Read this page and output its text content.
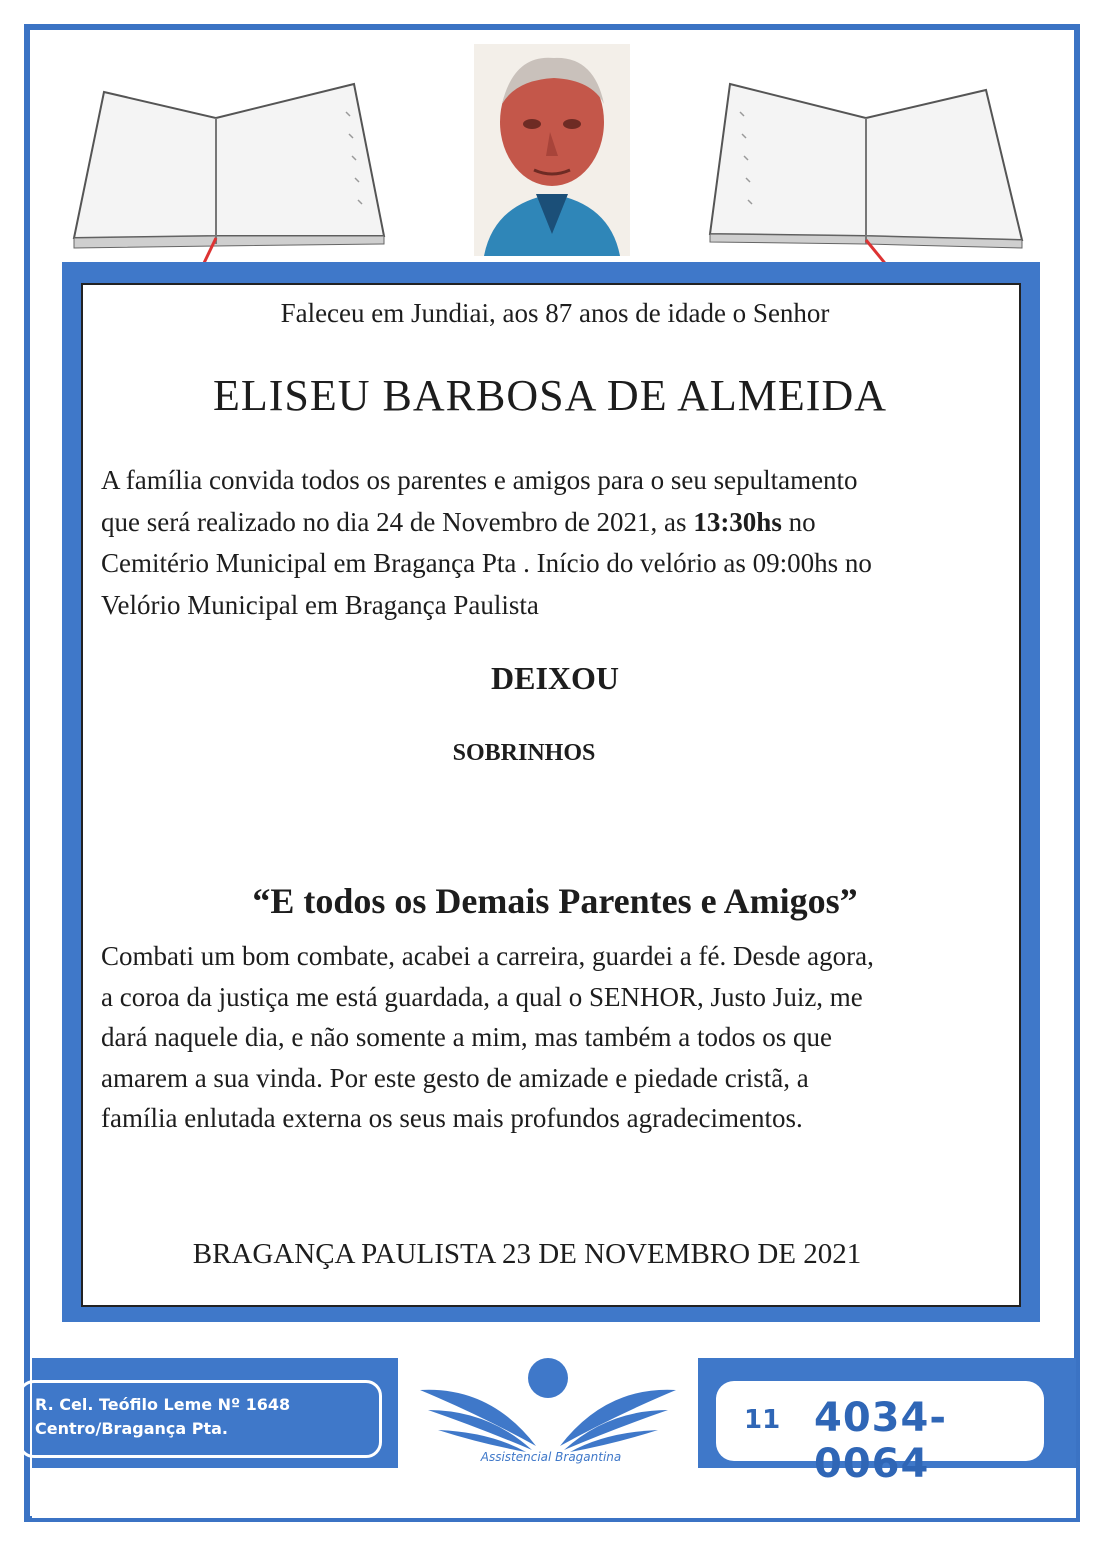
Faleceu em Jundiai, aos 87 anos de idade o Senhor
ELISEU BARBOSA DE ALMEIDA

A família convida todos os parentes e amigos para o seu sepultamento

que será realizado no dia 24 de Novembro de 2021, as 13:30hs no

Cemitério Municipal em Bragança Pta . Início do velório as 09:00hs no

Velório Municipal em Bragança Paulista

DEIXOU
SOBRINHOS
“E todos os Demais Parentes e Amigos”

Combati um bom combate, acabei a carreira, guardei a fé. Desde agora,

a coroa da justiça me está guardada, a qual o SENHOR, Justo Juiz, me

dará naquele dia, e não somente a mim, mas também a todos os que

amarem a sua vinda. Por este gesto de amizade e piedade cristã, a

família enlutada externa os seus mais profundos agradecimentos.

BRAGANÇA PAULISTA 23 DE NOVEMBRO DE 2021
R. Cel. Teófilo Leme Nº 1648
Centro/Bragança Pta.
Assistencial Bragantina
11 4034-0064
